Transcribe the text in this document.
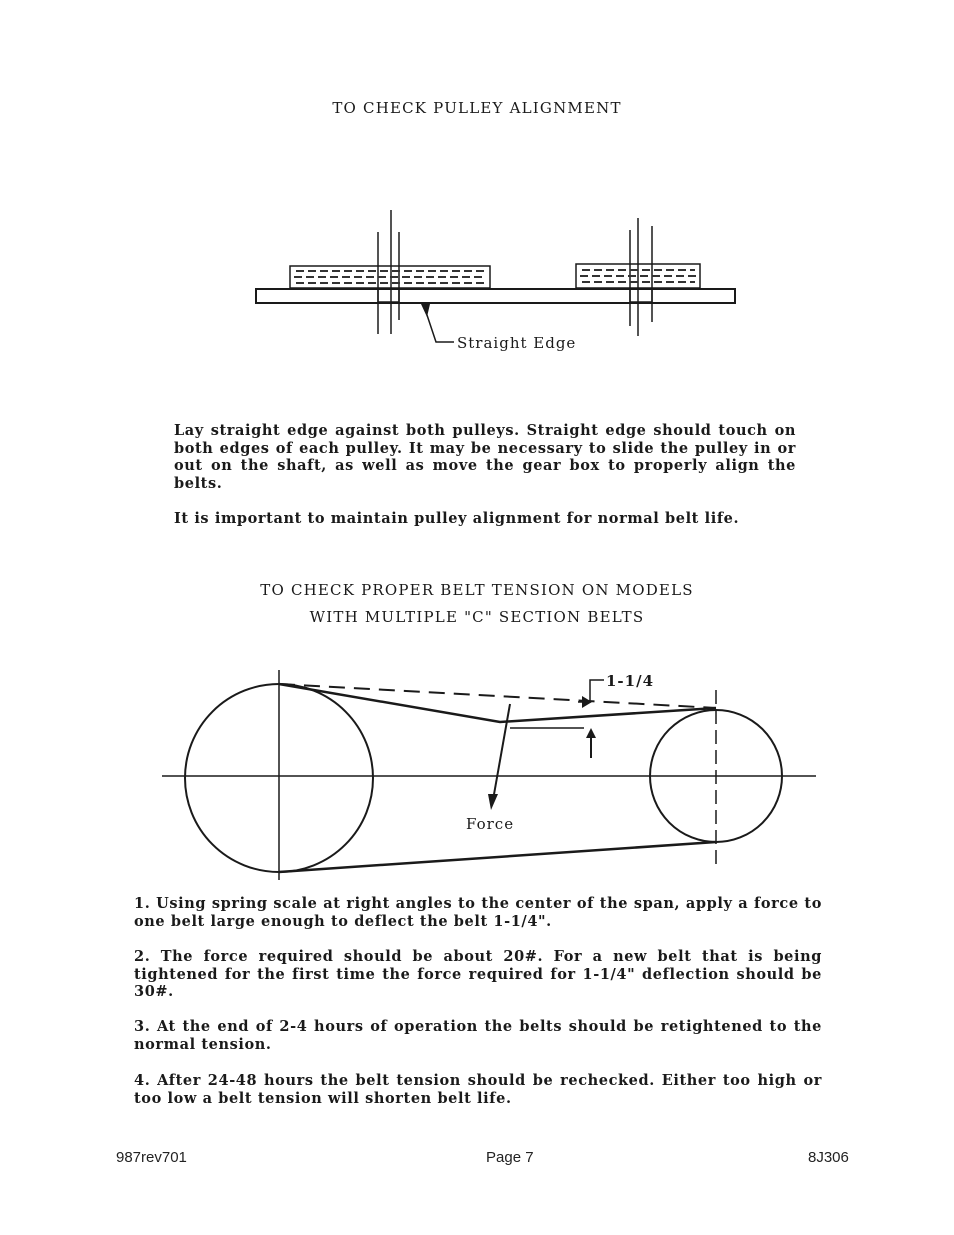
TO CHECK PULLEY ALIGNMENT
Straight Edge
Lay straight edge against both pulleys. Straight edge should touch on both edges of each pulley. It may be necessary to slide the pulley in or out on the shaft, as well as move the gear box to properly align the belts.
It is important to maintain pulley alignment for normal belt life.
TO CHECK PROPER BELT TENSION ON MODELS
WITH MULTIPLE "C" SECTION BELTS
1-1/4
Force
1. Using spring scale at right angles to the center of the span, apply a force to one belt large enough to deflect the belt 1-1/4".
2. The force required should be about 20#. For a new belt that is being tightened for the first time the force required for 1-1/4" deflection should be 30#.
3. At the end of 2-4 hours of operation the belts should be retightened to the normal tension.
4. After 24-48 hours the belt tension should be rechecked. Either too high or too low a belt tension will shorten belt life.
987rev701	Page 7	8J306
